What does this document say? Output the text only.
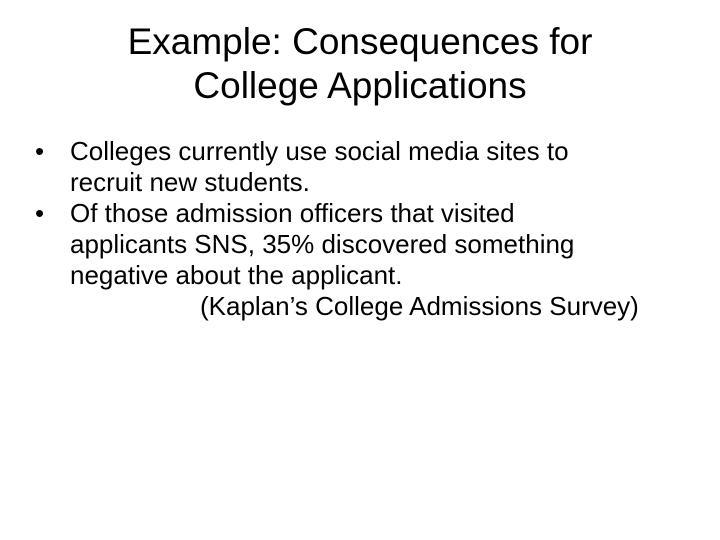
Example: Consequences for
College Applications
• Colleges currently use social media sites to
recruit new students.
• Of those admission officers that visited
applicants SNS, 35% discovered something
negative about the applicant.
(Kaplan’s College Admissions Survey)
